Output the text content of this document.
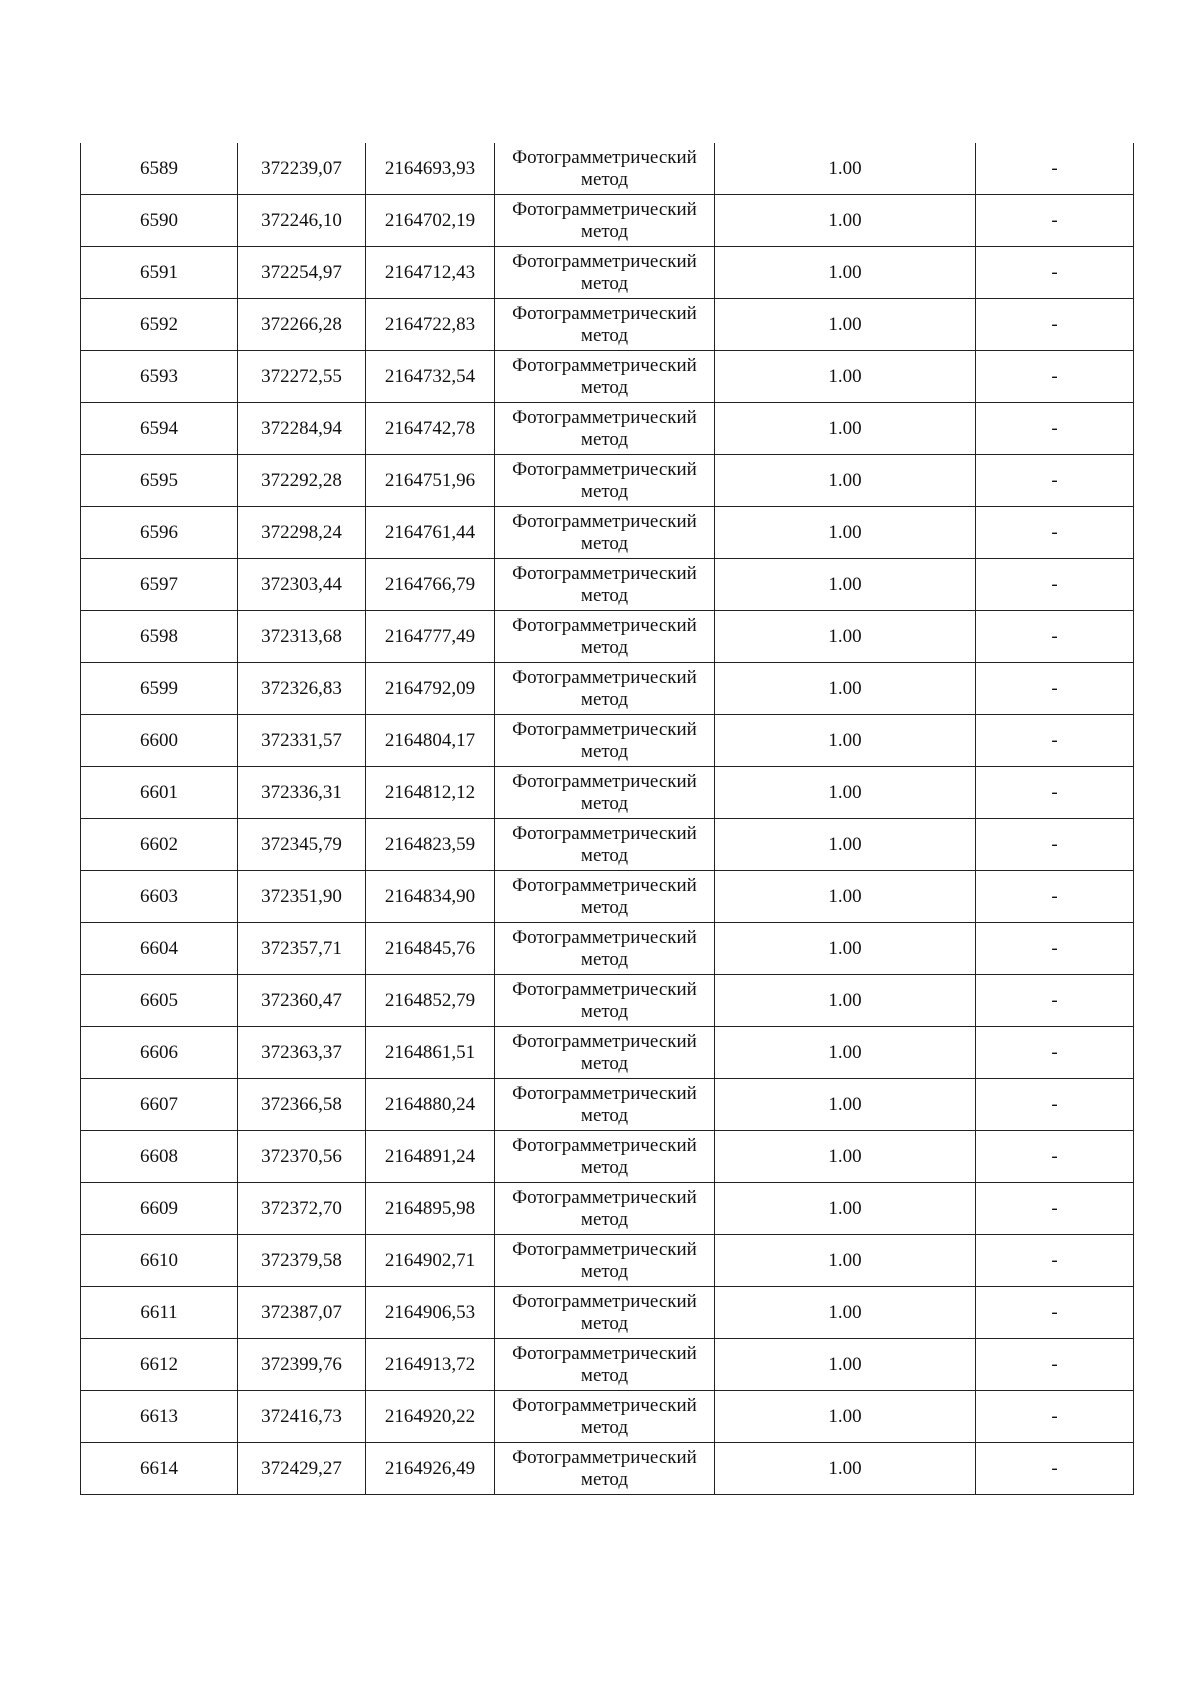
6589	372239,07	2164693,93	Фотограмметрический
метод	1.00	-
6590	372246,10	2164702,19	Фотограмметрический
метод	1.00	-
6591	372254,97	2164712,43	Фотограмметрический
метод	1.00	-
6592	372266,28	2164722,83	Фотограмметрический
метод	1.00	-
6593	372272,55	2164732,54	Фотограмметрический
метод	1.00	-
6594	372284,94	2164742,78	Фотограмметрический
метод	1.00	-
6595	372292,28	2164751,96	Фотограмметрический
метод	1.00	-
6596	372298,24	2164761,44	Фотограмметрический
метод	1.00	-
6597	372303,44	2164766,79	Фотограмметрический
метод	1.00	-
6598	372313,68	2164777,49	Фотограмметрический
метод	1.00	-
6599	372326,83	2164792,09	Фотограмметрический
метод	1.00	-
6600	372331,57	2164804,17	Фотограмметрический
метод	1.00	-
6601	372336,31	2164812,12	Фотограмметрический
метод	1.00	-
6602	372345,79	2164823,59	Фотограмметрический
метод	1.00	-
6603	372351,90	2164834,90	Фотограмметрический
метод	1.00	-
6604	372357,71	2164845,76	Фотограмметрический
метод	1.00	-
6605	372360,47	2164852,79	Фотограмметрический
метод	1.00	-
6606	372363,37	2164861,51	Фотограмметрический
метод	1.00	-
6607	372366,58	2164880,24	Фотограмметрический
метод	1.00	-
6608	372370,56	2164891,24	Фотограмметрический
метод	1.00	-
6609	372372,70	2164895,98	Фотограмметрический
метод	1.00	-
6610	372379,58	2164902,71	Фотограмметрический
метод	1.00	-
6611	372387,07	2164906,53	Фотограмметрический
метод	1.00	-
6612	372399,76	2164913,72	Фотограмметрический
метод	1.00	-
6613	372416,73	2164920,22	Фотограмметрический
метод	1.00	-
6614	372429,27	2164926,49	Фотограмметрический
метод	1.00	-
